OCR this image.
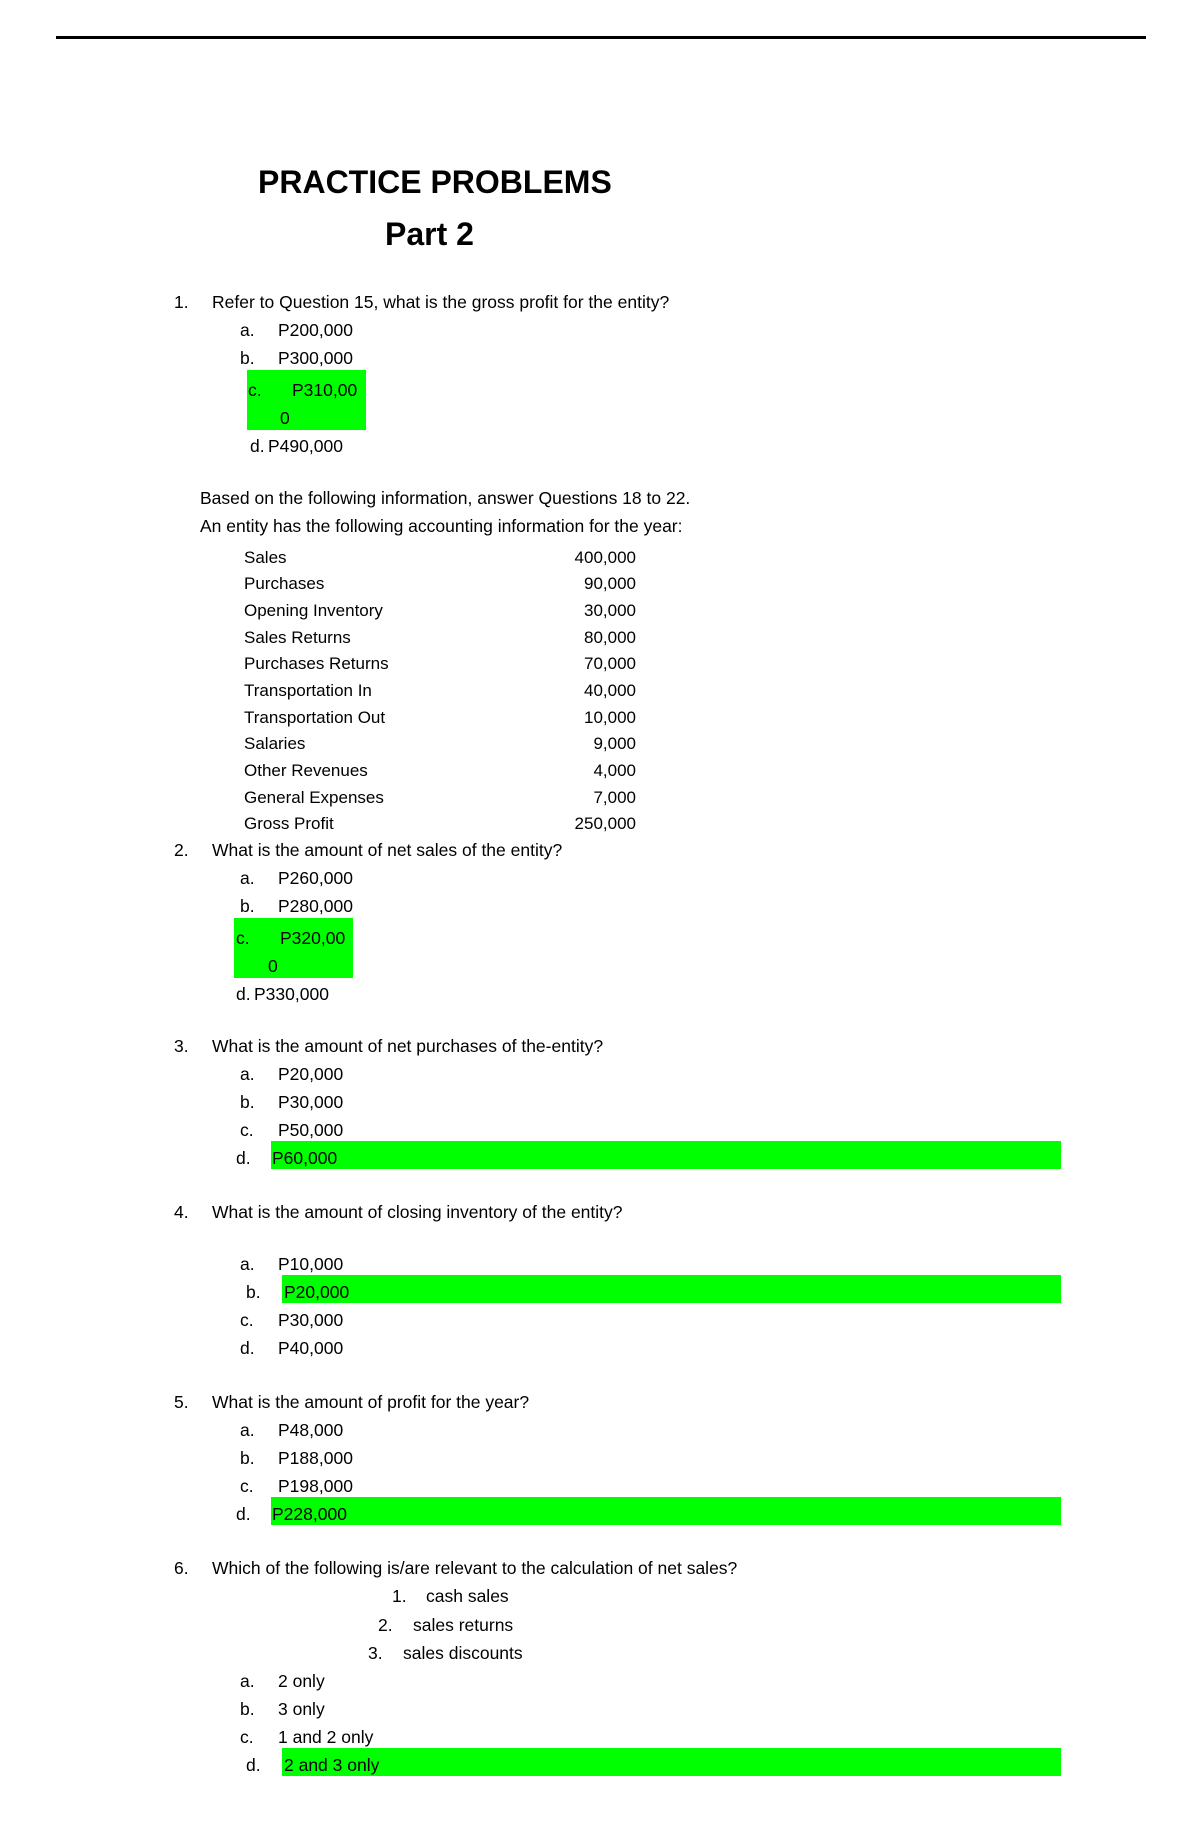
PRACTICE PROBLEMS
Part 2
1. Refer to Question 15, what is the gross profit for the entity?
a. P200,000
b. P300,000
c. P310,00
0
d. P490,000
Based on the following information, answer Questions 18 to 22.
An entity has the following accounting information for the year:
Sales	400,000
Purchases	90,000
Opening Inventory	30,000
Sales Returns	80,000
Purchases Returns	70,000
Transportation In	40,000
Transportation Out	10,000
Salaries	9,000
Other Revenues	4,000
General Expenses	7,000
Gross Profit	250,000
2. What is the amount of net sales of the entity?
a. P260,000
b. P280,000
c. P320,00
0
d. P330,000
3. What is the amount of net purchases of the-entity?
a. P20,000
b. P30,000
c. P50,000
d. P60,000
4. What is the amount of closing inventory of the entity?
a. P10,000
b. P20,000
c. P30,000
d. P40,000
5. What is the amount of profit for the year?
a. P48,000
b. P188,000
c. P198,000
d. P228,000
6. Which of the following is/are relevant to the calculation of net sales?
1. cash sales
2. sales returns
3. sales discounts
a. 2 only
b. 3 only
c. 1 and 2 only
d. 2 and 3 only
